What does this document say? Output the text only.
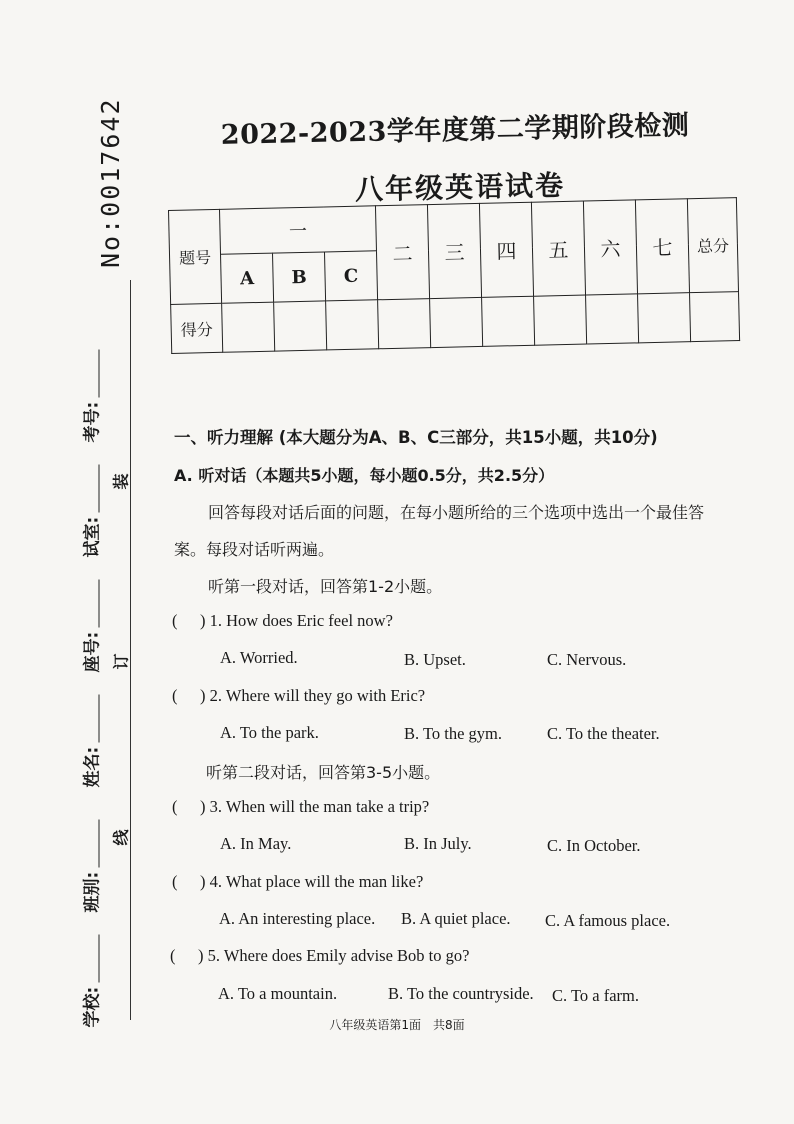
No:0017642
装
订
线
考号:
试室:
座号:
姓名:
班别:
学校:
2022-2023学年度第二学期阶段检测
八年级英语试卷
题号	一			二	三	四	五	六	七	总分
	A	B	C							
得分										
一、听力理解 (本大题分为A、B、C三部分，共15小题，共10分)
A. 听对话（本题共5小题，每小题0.5分，共2.5分）
回答每段对话后面的问题，在每小题所给的三个选项中选出一个最佳答
案。每段对话听两遍。
听第一段对话，回答第1-2小题。
( ) 1. How does Eric feel now?
A. Worried.	B. Upset.	C. Nervous.
( ) 2. Where will they go with Eric?
A. To the park.	B. To the gym.	C. To the theater.
听第二段对话，回答第3-5小题。
( ) 3. When will the man take a trip?
A. In May.	B. In July.	C. In October.
( ) 4. What place will the man like?
A. An interesting place. B. A quiet place. C. A famous place.
( ) 5. Where does Emily advise Bob to go?
A. To a mountain.	B. To the countryside. C. To a farm.
八年级英语第1面　共8面
